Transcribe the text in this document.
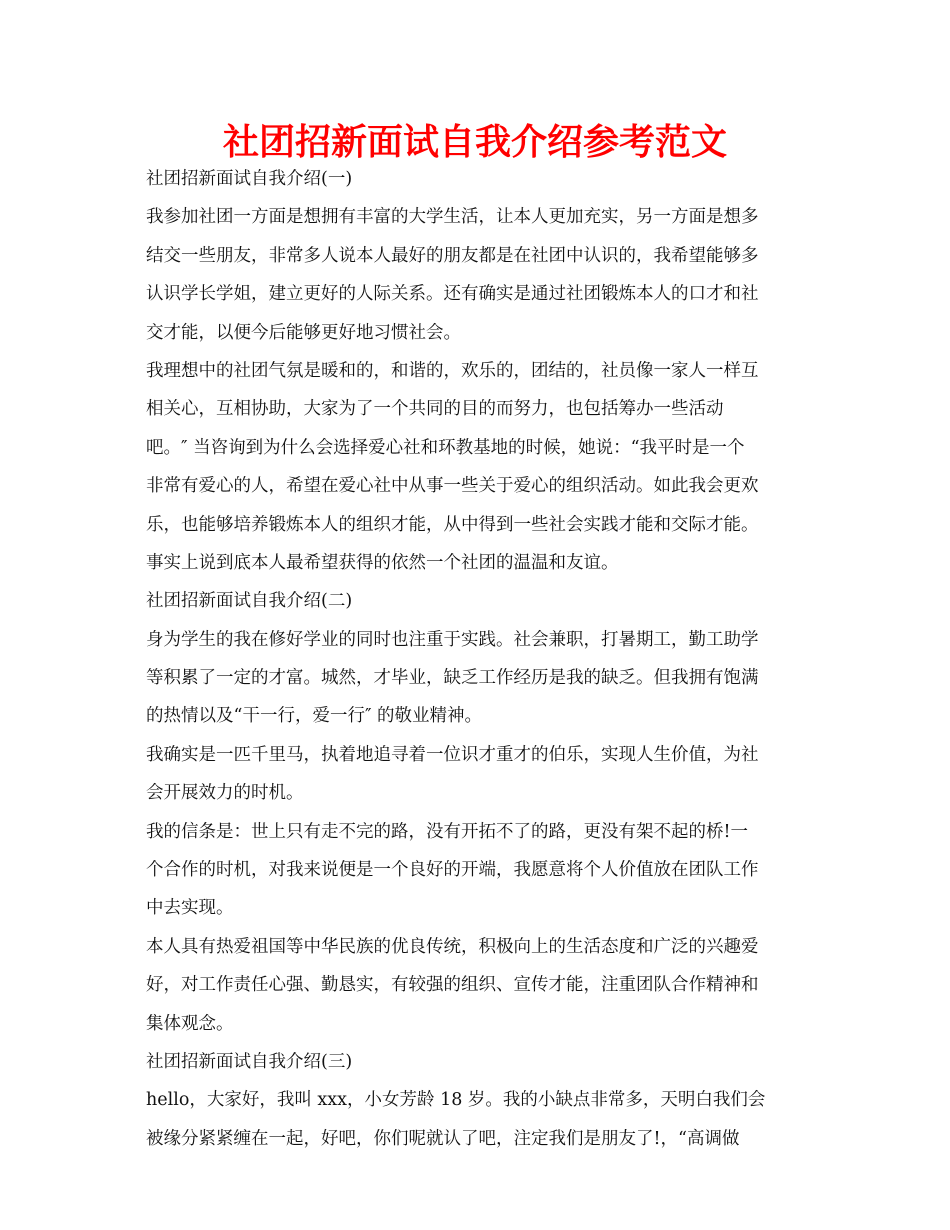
社团招新面试自我介绍参考范文

社团招新面试自我介绍(一)

我参加社团一方面是想拥有丰富的大学生活，让本人更加充实，另一方面是想多

结交一些朋友，非常多人说本人最好的朋友都是在社团中认识的，我希望能够多

认识学长学姐，建立更好的人际关系。还有确实是通过社团锻炼本人的口才和社

交才能，以便今后能够更好地习惯社会。

我理想中的社团气氛是暖和的，和谐的，欢乐的，团结的，社员像一家人一样互

相关心，互相协助，大家为了一个共同的目的而努力，也包括筹办一些活动

吧。″ 当咨询到为什么会选择爱心社和环教基地的时候，她说：“我平时是一个

非常有爱心的人，希望在爱心社中从事一些关于爱心的组织活动。如此我会更欢

乐，也能够培养锻炼本人的组织才能，从中得到一些社会实践才能和交际才能。

事实上说到底本人最希望获得的依然一个社团的温温和友谊。

社团招新面试自我介绍(二)

身为学生的我在修好学业的同时也注重于实践。社会兼职，打暑期工，勤工助学

等积累了一定的才富。城然，才毕业，缺乏工作经历是我的缺乏。但我拥有饱满

的热情以及“干一行，爱一行″ 的敬业精神。

我确实是一匹千里马，执着地追寻着一位识才重才的伯乐，实现人生价值，为社

会开展效力的时机。

我的信条是：世上只有走不完的路，没有开拓不了的路，更没有架不起的桥!一

个合作的时机，对我来说便是一个良好的开端，我愿意将个人价值放在团队工作

中去实现。

本人具有热爱祖国等中华民族的优良传统，积极向上的生活态度和广泛的兴趣爱

好，对工作责任心强、勤恳实，有较强的组织、宣传才能，注重团队合作精神和

集体观念。

社团招新面试自我介绍(三)

hello，大家好，我叫 xxx，小女芳龄 18 岁。我的小缺点非常多，天明白我们会

被缘分紧紧缠在一起，好吧，你们呢就认了吧，注定我们是朋友了!，“高调做
